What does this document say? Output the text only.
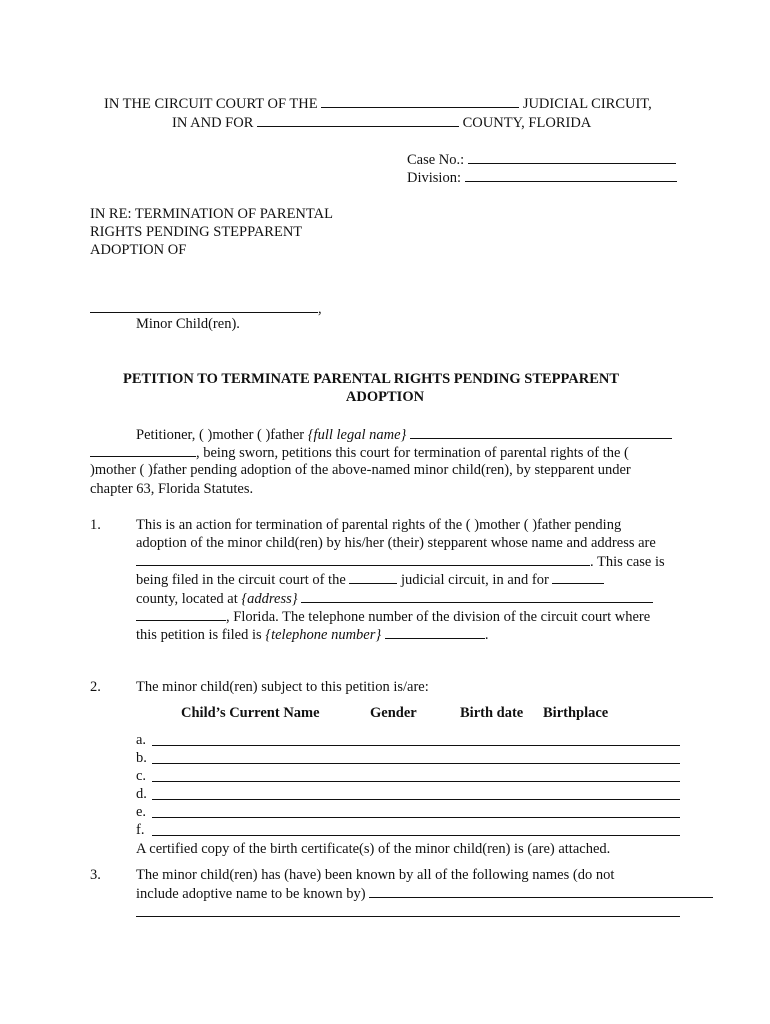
IN THE CIRCUIT COURT OF THE	JUDICIAL CIRCUIT,
IN AND FOR	COUNTY, FLORIDA
Case No.:
Division:
IN RE: TERMINATION OF PARENTAL
RIGHTS PENDING STEPPARENT
ADOPTION OF
,
Minor Child(ren).
PETITION TO TERMINATE PARENTAL RIGHTS PENDING STEPPARENT
ADOPTION
Petitioner, ( )mother ( )father {full legal name}
, being sworn, petitions this court for termination of parental rights of the (
)mother ( )father pending adoption of the above-named minor child(ren), by stepparent under
chapter 63, Florida Statutes.
1. This is an action for termination of parental rights of the ( )mother ( )father pending
adoption of the minor child(ren) by his/her (their) stepparent whose name and address are
. This case is
being filed in the circuit court of the	judicial circuit, in and for
county, located at {address}
, Florida. The telephone number of the division of the circuit court where
this petition is filed is {telephone number}	.
2. The minor child(ren) subject to this petition is/are:
Child’s Current Name	Gender	Birth date Birthplace
a.
b.
c.
d.
e.
f.
A certified copy of the birth certificate(s) of the minor child(ren) is (are) attached.
3. The minor child(ren) has (have) been known by all of the following names (do not
include adoptive name to be known by)
